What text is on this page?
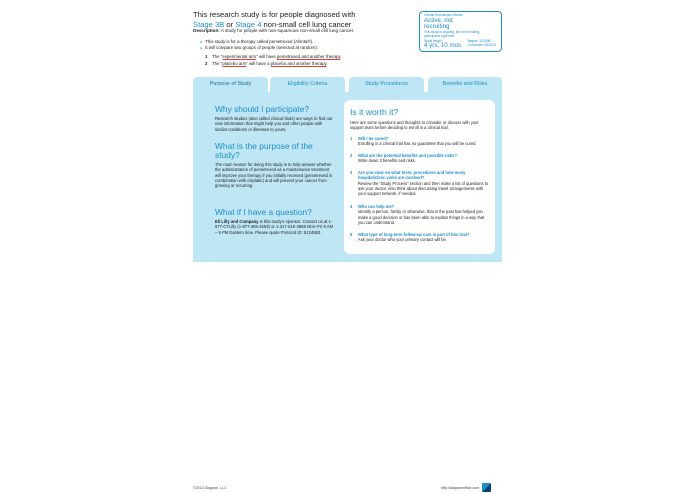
This research study is for people diagnosed with
Stage 3B or Stage 4 non-small cell lung cancer
Description: A study for people with non-squamous non-small cell lung cancer.
Overall Recruitment Status:
Active, not
recruiting
This study is ongoing, but not recruiting participants right now.
Study length:
4 yrs, 10 mos
Begins: 11/2008
Concludes: 09/2013
● This study is for a therapy called pemetrexed (Alimta®).
● It will compare two groups of people (selected at random):
1 The “experimental arm” will have pemetrexed and another therapy.
2 The “placebo arm” will have a placebo and another therapy.
Purpose of Study	Eligibility Criteria	Study Procedures	Benefits and Risks
Why should I participate?
Research studies (also called clinical trials) are ways to find out new information that might help you and other people with similar conditions or illnesses to yours.
What is the purpose of the study?
The main reason for doing this study is to help answer whether the administration of pemetrexed as a maintenance treatment will improve your therapy if you initially received (pemetrexed in combination with cisplatin) and will prevent your cancer from growing or recurring.
What if I have a question?
Eli Lilly and Company is this study’s sponsor. Contact us at 1-877-CTLilly (1-877-285-4559) or 1-317-615-4559 Mon–Fri 9 AM – 5 PM Eastern time. Please quote Protocol ID: 5124863.
Is it worth it?
Here are some questions and thoughts to consider or discuss with your support team before deciding to enroll in a clinical trial.
1 Will I be cured?
Enrolling in a clinical trial has no guarantee that you will be cured.
2 What are the potential benefits and possible risks?
Write down 3 benefits and risks.
3 Are you clear on what tests, procedures and how many hospital/clinic visits are involved?
Review the “Study Process” section and then make a list of questions to ask your doctor. Also think about discussing travel arrangements with your support network, if needed.
4 Who can help me?
Identify a person, family or otherwise, that in the past has helped you make a good decision or has been able to explain things in a way that you can understand.
5 What type of long-term follow-up care is part of this trial?
Ask your doctor who your primary contact will be.
©2013 Diagram, LLC	http://diagramoffice.com
